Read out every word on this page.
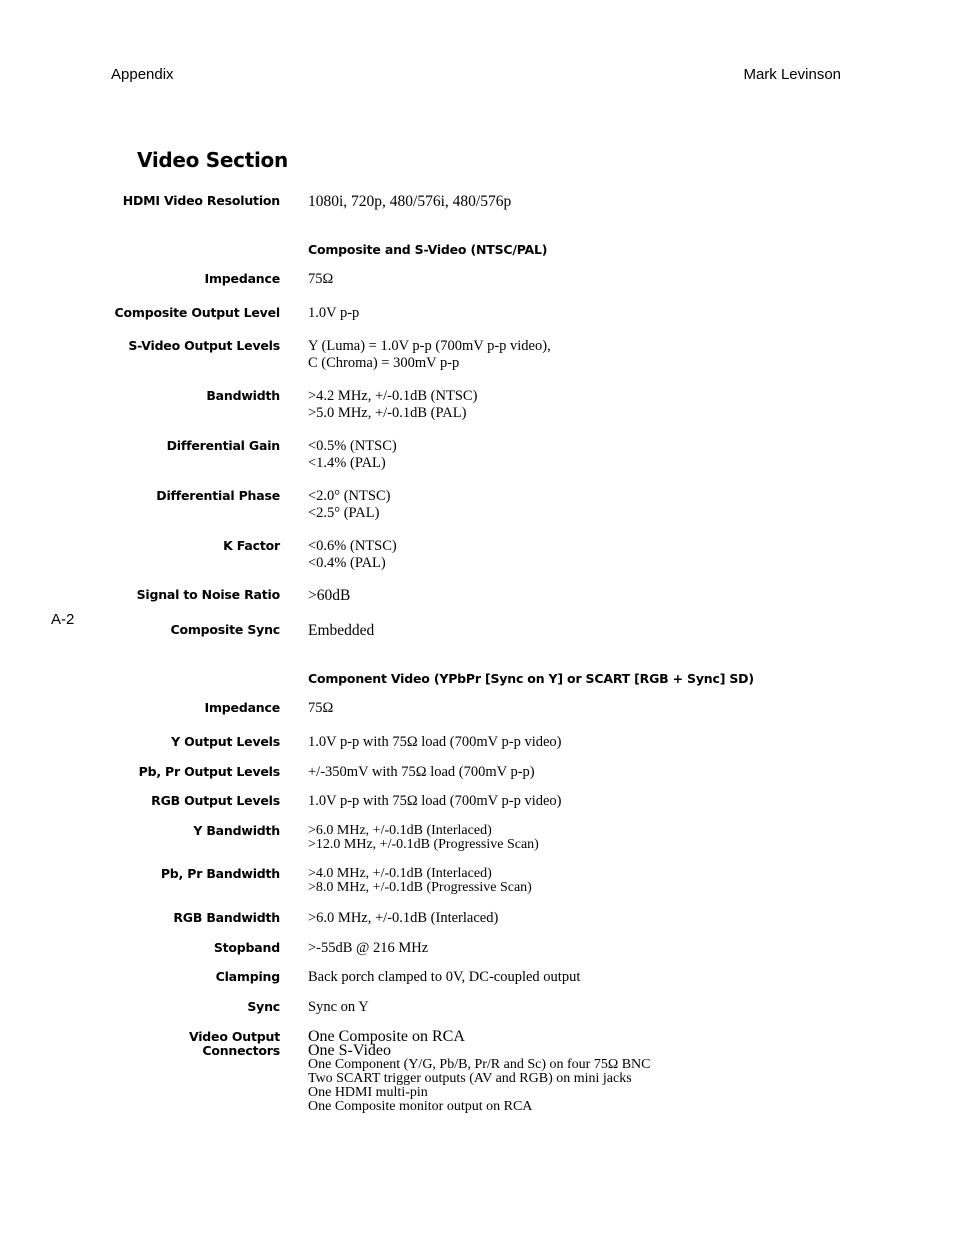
Appendix	Mark Levinson
A-2
Video Section
HDMI Video Resolution 1080i, 720p, 480/576i, 480/576p
Composite and S-Video (NTSC/PAL)
Impedance 75Ω
Composite Output Level 1.0V p-p
S-Video Output Levels Y (Luma) = 1.0V p-p (700mV p-p video),
C (Chroma) = 300mV p-p
Bandwidth >4.2 MHz, +/-0.1dB (NTSC)
>5.0 MHz, +/-0.1dB (PAL)
Differential Gain <0.5% (NTSC)
<1.4% (PAL)
Differential Phase <2.0° (NTSC)
<2.5° (PAL)
K Factor <0.6% (NTSC)
<0.4% (PAL)
Signal to Noise Ratio >60dB
Composite Sync Embedded
Component Video (YPbPr [Sync on Y] or SCART [RGB + Sync] SD)
Impedance 75Ω
Y Output Levels 1.0V p-p with 75Ω load (700mV p-p video)
Pb, Pr Output Levels +/-350mV with 75Ω load (700mV p-p)
RGB Output Levels 1.0V p-p with 75Ω load (700mV p-p video)
Y Bandwidth >6.0 MHz, +/-0.1dB (Interlaced)
>12.0 MHz, +/-0.1dB (Progressive Scan)
Pb, Pr Bandwidth >4.0 MHz, +/-0.1dB (Interlaced)
>8.0 MHz, +/-0.1dB (Progressive Scan)
RGB Bandwidth >6.0 MHz, +/-0.1dB (Interlaced)
Stopband >-55dB @ 216 MHz
Clamping Back porch clamped to 0V, DC-coupled output
Sync Sync on Y
Video Output
Connectors
One Composite on RCA
One S-Video
One Component (Y/G, Pb/B, Pr/R and Sc) on four 75Ω BNC
Two SCART trigger outputs (AV and RGB) on mini jacks
One HDMI multi-pin
One Composite monitor output on RCA
